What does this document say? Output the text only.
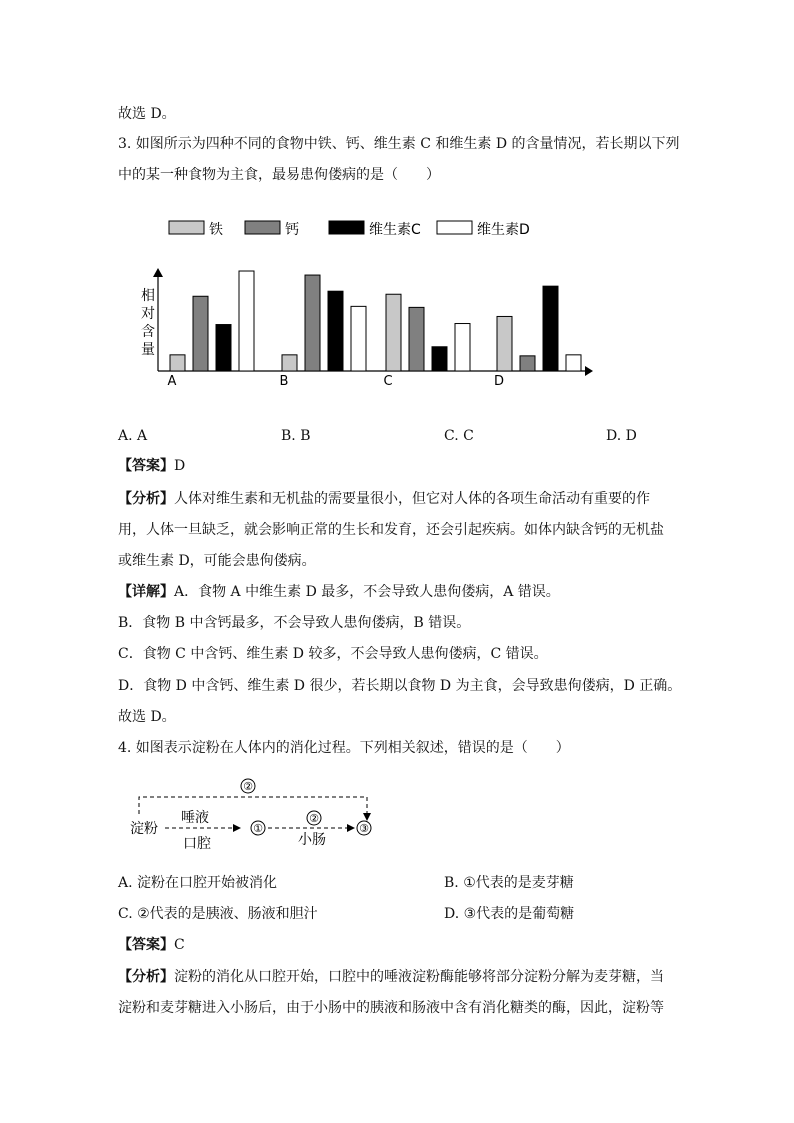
故选 D。
3. 如图所示为四种不同的食物中铁、钙、维生素 C 和维生素 D 的含量情况，若长期以下列
中的某一种食物为主食，最易患佝偻病的是（　　）
铁	钙	维生素C	维生素D
相
对
含
量
A	B	C	D
A. A	B. B	C. C	D. D
【答案】D
【分析】人体对维生素和无机盐的需要量很小，但它对人体的各项生命活动有重要的作
用，人体一旦缺乏，就会影响正常的生长和发育，还会引起疾病。如体内缺含钙的无机盐
或维生素 D，可能会患佝偻病。
【详解】A．食物 A 中维生素 D 最多，不会导致人患佝偻病，A 错误。
B．食物 B 中含钙最多，不会导致人患佝偻病，B 错误。
C．食物 C 中含钙、维生素 D 较多，不会导致人患佝偻病，C 错误。
D．食物 D 中含钙、维生素 D 很少，若长期以食物 D 为主食，会导致患佝偻病，D 正确。
故选 D。
4. 如图表示淀粉在人体内的消化过程。下列相关叙述，错误的是（　　）
②
淀粉
唾液
口腔
①
②
小肠
③
A. 淀粉在口腔开始被消化	B. ①代表的是麦芽糖
C. ②代表的是胰液、肠液和胆汁	D. ③代表的是葡萄糖
【答案】C
【分析】淀粉的消化从口腔开始，口腔中的唾液淀粉酶能够将部分淀粉分解为麦芽糖，当
淀粉和麦芽糖进入小肠后，由于小肠中的胰液和肠液中含有消化糖类的酶，因此，淀粉等
